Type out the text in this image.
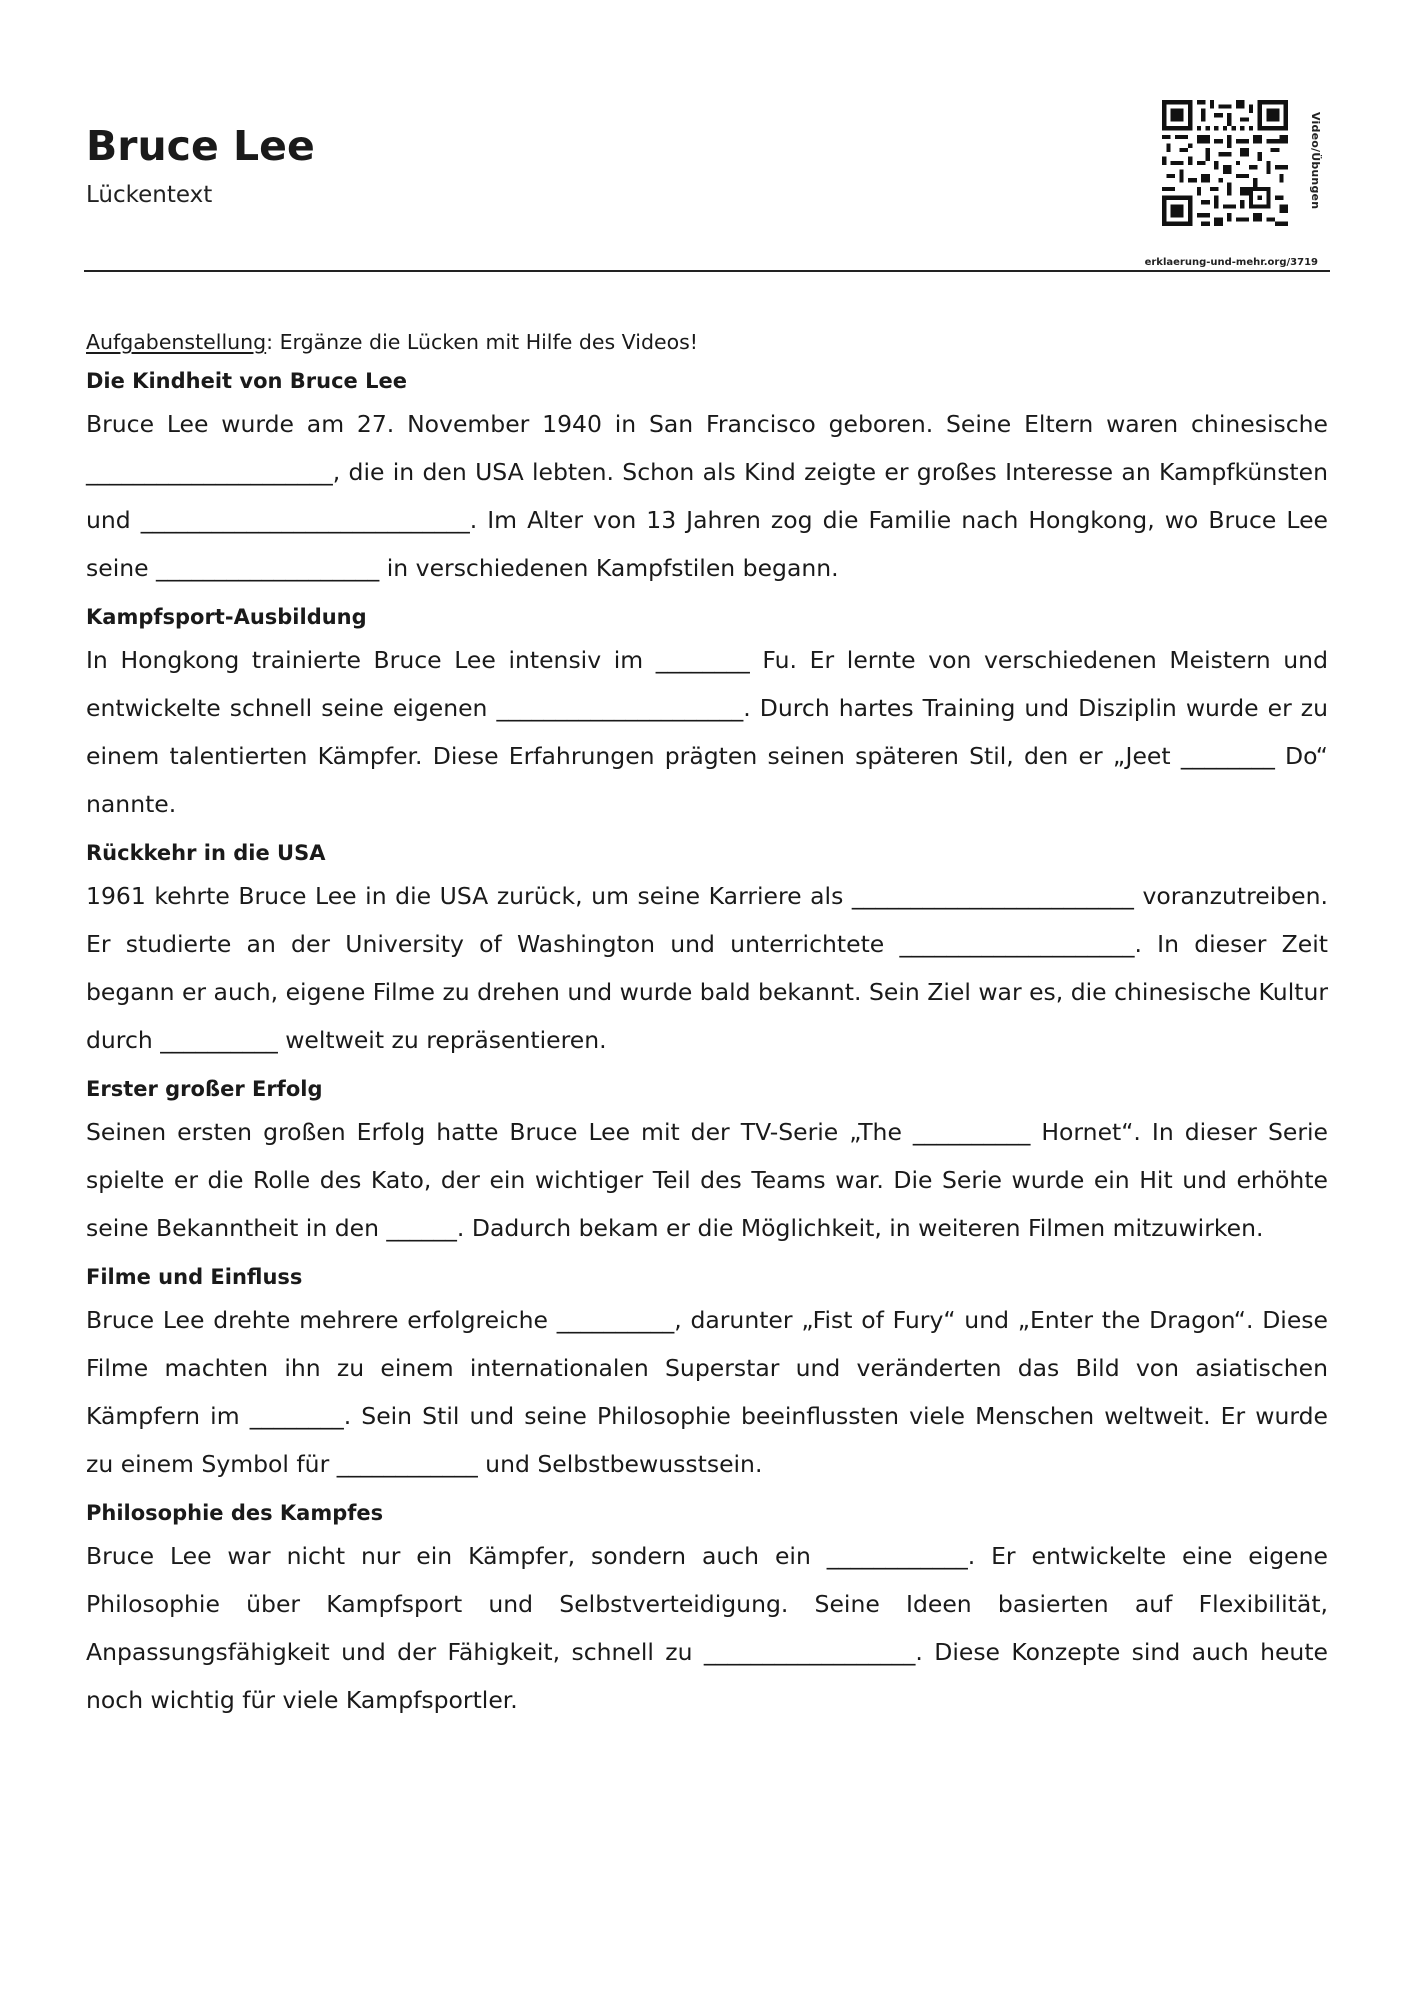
Bruce Lee
Lückentext	Video/Übungen
erklaerung-und-mehr.org/3719

Aufgabenstellung: Ergänze die Lücken mit Hilfe des Videos!

Die Kindheit von Bruce Lee

Bruce Lee wurde am 27. November 1940 in San Francisco geboren. Seine Eltern waren chinesische _____________________, die in den USA lebten. Schon als Kind zeigte er großes Interesse an Kampfkünsten und ____________________________. Im Alter von 13 Jahren zog die Familie nach Hongkong, wo Bruce Lee seine ___________________ in verschiedenen Kampfstilen begann.

Kampfsport-Ausbildung

In Hongkong trainierte Bruce Lee intensiv im ________ Fu. Er lernte von verschiedenen Meistern und entwickelte schnell seine eigenen _____________________. Durch hartes Training und Disziplin wurde er zu einem talentierten Kämpfer. Diese Erfahrungen prägten seinen späteren Stil, den er „Jeet ________ Do“ nannte.

Rückkehr in die USA

1961 kehrte Bruce Lee in die USA zurück, um seine Karriere als ________________________ voranzutreiben. Er studierte an der University of Washington und unterrichtete ____________________. In dieser Zeit begann er auch, eigene Filme zu drehen und wurde bald bekannt. Sein Ziel war es, die chinesische Kultur durch __________ weltweit zu repräsentieren.

Erster großer Erfolg

Seinen ersten großen Erfolg hatte Bruce Lee mit der TV-Serie „The __________ Hornet“. In dieser Serie spielte er die Rolle des Kato, der ein wichtiger Teil des Teams war. Die Serie wurde ein Hit und erhöhte seine Bekanntheit in den ______. Dadurch bekam er die Möglichkeit, in weiteren Filmen mitzuwirken.

Filme und Einfluss

Bruce Lee drehte mehrere erfolgreiche __________, darunter „Fist of Fury“ und „Enter the Dragon“. Diese Filme machten ihn zu einem internationalen Superstar und veränderten das Bild von asiatischen Kämpfern im ________. Sein Stil und seine Philosophie beeinflussten viele Menschen weltweit. Er wurde zu einem Symbol für ____________ und Selbstbewusstsein.

Philosophie des Kampfes

Bruce Lee war nicht nur ein Kämpfer, sondern auch ein ____________. Er entwickelte eine eigene Philosophie über Kampfsport und Selbstverteidigung. Seine Ideen basierten auf Flexibilität, Anpassungsfähigkeit und der Fähigkeit, schnell zu __________________. Diese Konzepte sind auch heute noch wichtig für viele Kampfsportler.
